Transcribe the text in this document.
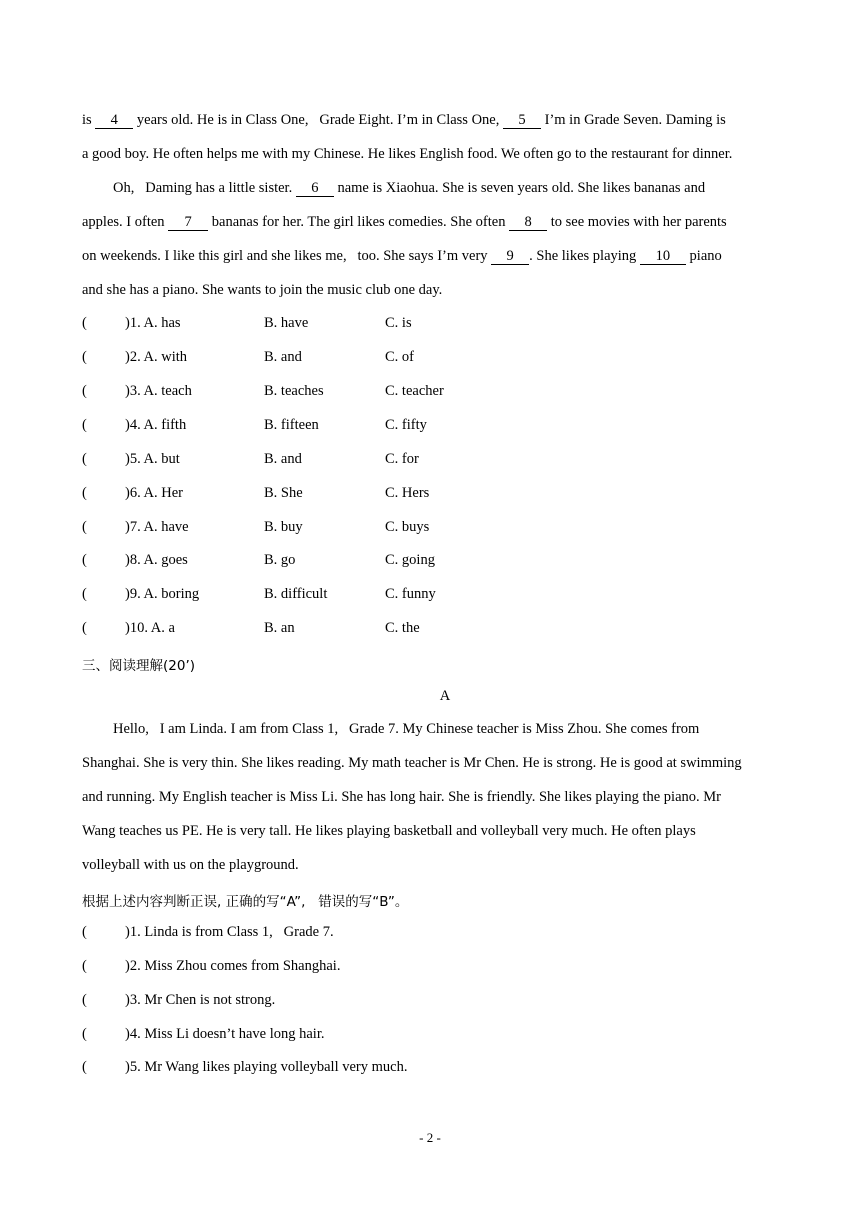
is 4 years old. He is in Class One,   Grade Eight. I’m in Class One, 5 I’m in Grade Seven. Daming is
a good boy. He often helps me with my Chinese. He likes English food. We often go to the restaurant for dinner.
Oh,   Daming has a little sister. 6 name is Xiaohua. She is seven years old. She likes bananas and
apples. I often 7 bananas for her. The girl likes comedies. She often 8 to see movies with her parents
on weekends. I like this girl and she likes me,   too. She says I’m very 9 . She likes playing 10 piano
and she has a piano. She wants to join the music club one day.
(	)1. A. has	B. have	C. is
(	)2. A. with	B. and	C. of
(	)3. A. teach	B. teaches	C. teacher
(	)4. A. fifth	B. fifteen	C. fifty
(	)5. A. but	B. and	C. for
(	)6. A. Her	B. She	C. Hers
(	)7. A. have	B. buy	C. buys
(	)8. A. goes	B. go	C. going
(	)9. A. boring	B. difficult	C. funny
(	)10. A. a	B. an	C. the
三、阅读理解(20’)
A
Hello,   I am Linda. I am from Class 1,   Grade 7. My Chinese teacher is Miss Zhou. She comes from
Shanghai. She is very thin. She likes reading. My math teacher is Mr Chen. He is strong. He is good at swimming
and running. My English teacher is Miss Li. She has long hair. She is friendly. She likes playing the piano. Mr
Wang teaches us PE. He is very tall. He likes playing basketball and volleyball very much. He often plays
volleyball with us on the playground.
根据上述内容判断正误, 正确的写“A”,   错误的写“B”。
(	)1. Linda is from Class 1,   Grade 7.
(	)2. Miss Zhou comes from Shanghai.
(	)3. Mr Chen is not strong.
(	)4. Miss Li doesn’t have long hair.
(	)5. Mr Wang likes playing volleyball very much.
- 2 -
